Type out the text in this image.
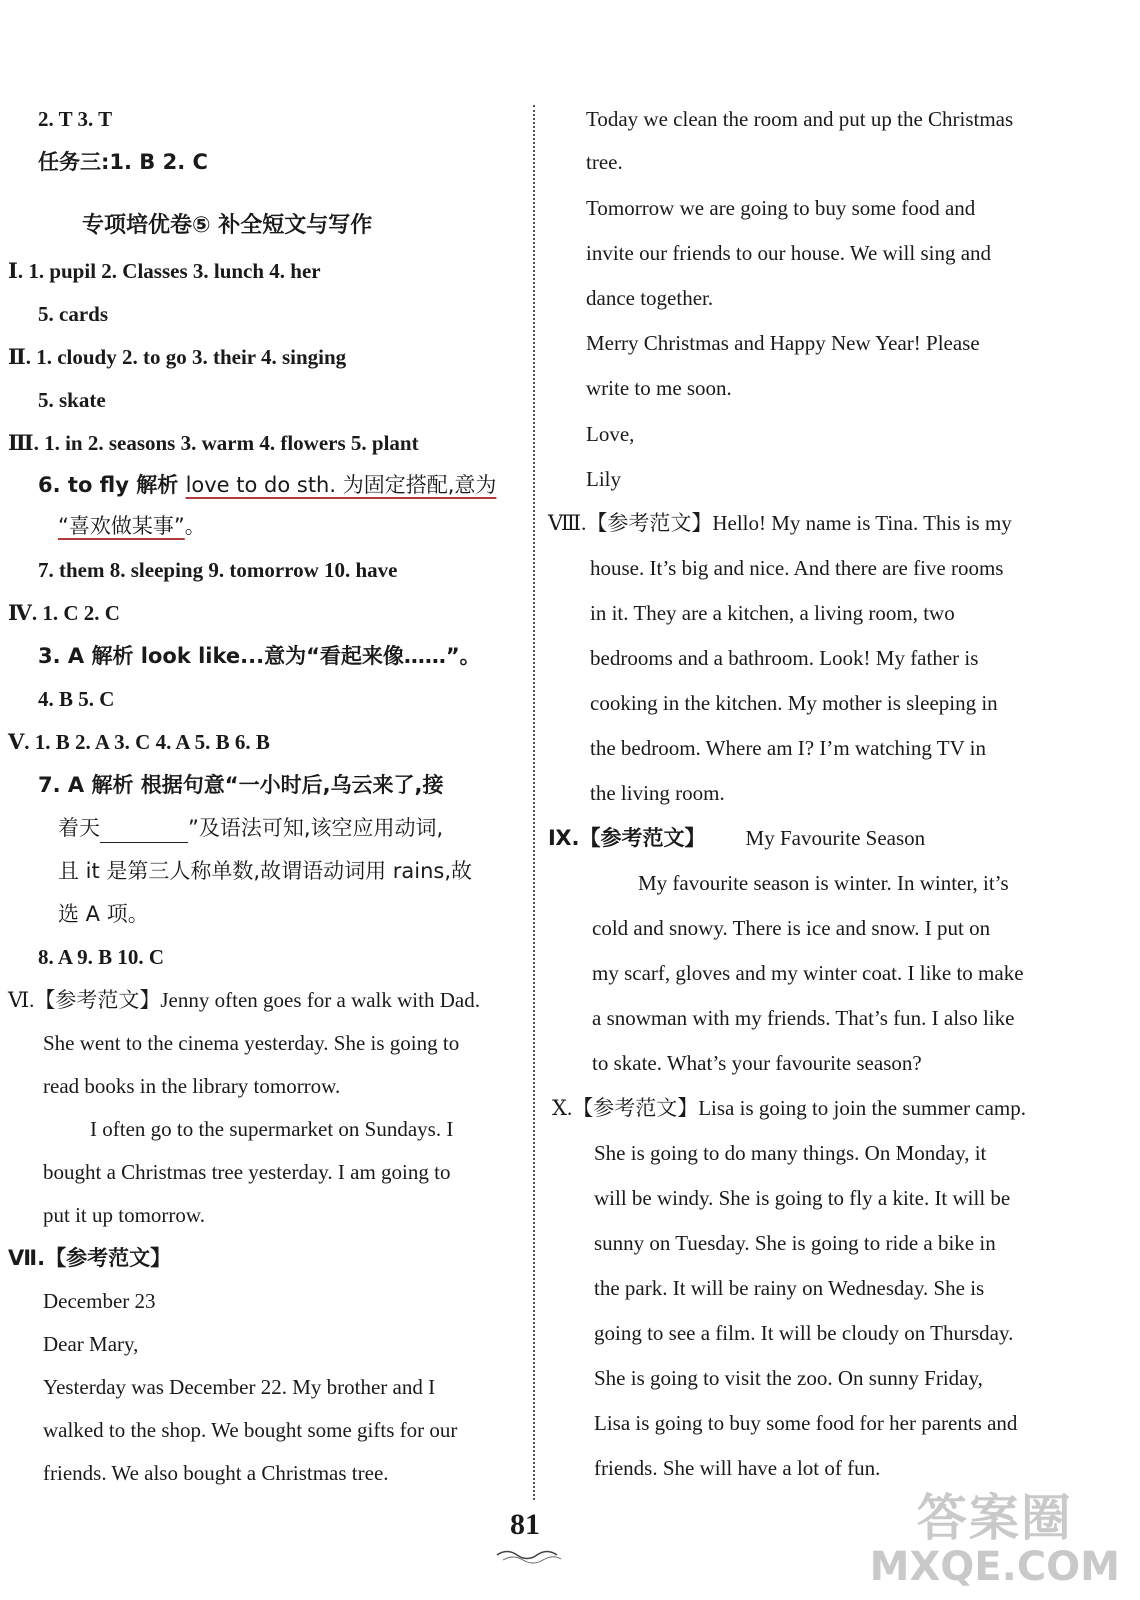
2. T 3. T
任务三:1. B 2. C
专项培优卷⑤ 补全短文与写作
Ⅰ. 1. pupil 2. Classes 3. lunch 4. her
5. cards
Ⅱ. 1. cloudy 2. to go 3. their 4. singing
5. skate
Ⅲ. 1. in 2. seasons 3. warm 4. flowers 5. plant
6. to fly 解析 love to do sth. 为固定搭配,意为
“喜欢做某事”。
7. them 8. sleeping 9. tomorrow 10. have
Ⅳ. 1. C 2. C
3. A 解析 look like...意为“看起来像……”。
4. B 5. C
Ⅴ. 1. B 2. A 3. C 4. A 5. B 6. B
7. A 解析 根据句意“一小时后,乌云来了,接
着天	”及语法可知,该空应用动词,
且 it 是第三人称单数,故谓语动词用 rains,故
选 A 项。
8. A 9. B 10. C
Ⅵ.【参考范文】Jenny often goes for a walk with Dad.
She went to the cinema yesterday. She is going to
read books in the library tomorrow.
I often go to the supermarket on Sundays. I
bought a Christmas tree yesterday. I am going to
put it up tomorrow.
Ⅶ.【参考范文】
December 23
Dear Mary,
Yesterday was December 22. My brother and I
walked to the shop. We bought some gifts for our
friends. We also bought a Christmas tree.
Today we clean the room and put up the Christmas
tree.
Tomorrow we are going to buy some food and
invite our friends to our house. We will sing and
dance together.
Merry Christmas and Happy New Year! Please
write to me soon.
Love,
Lily
Ⅷ.【参考范文】Hello! My name is Tina. This is my
house. It’s big and nice. And there are five rooms
in it. They are a kitchen, a living room, two
bedrooms and a bathroom. Look! My father is
cooking in the kitchen. My mother is sleeping in
the bedroom. Where am I? I’m watching TV in
the living room.
Ⅸ.【参考范文】 My Favourite Season
My favourite season is winter. In winter, it’s
cold and snowy. There is ice and snow. I put on
my scarf, gloves and my winter coat. I like to make
a snowman with my friends. That’s fun. I also like
to skate. What’s your favourite season?
Ⅹ.【参考范文】Lisa is going to join the summer camp.
She is going to do many things. On Monday, it
will be windy. She is going to fly a kite. It will be
sunny on Tuesday. She is going to ride a bike in
the park. It will be rainy on Wednesday. She is
going to see a film. It will be cloudy on Thursday.
She is going to visit the zoo. On sunny Friday,
Lisa is going to buy some food for her parents and
friends. She will have a lot of fun.
81	答案圈
MXQE.COM
